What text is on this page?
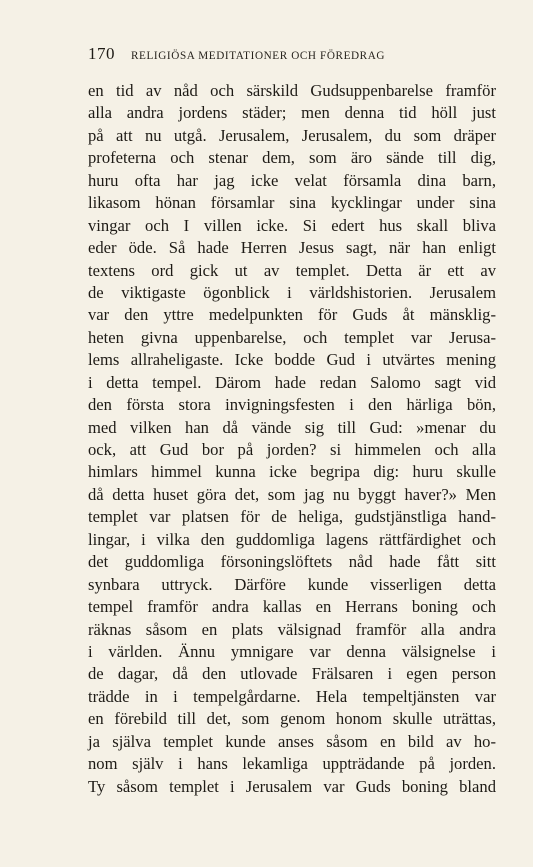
170 RELIGIÖSA MEDITATIONER OCH FÖREDRAG
en tid av nåd och särskild Gudsuppenbarelse framför
alla andra jordens städer; men denna tid höll just
på att nu utgå. Jerusalem, Jerusalem, du som dräper
profeterna och stenar dem, som äro sände till dig,
huru ofta har jag icke velat församla dina barn,
likasom hönan församlar sina kycklingar under sina
vingar och I villen icke. Si edert hus skall bliva
eder öde. Så hade Herren Jesus sagt, när han enligt
textens ord gick ut av templet. Detta är ett av
de viktigaste ögonblick i världshistorien. Jerusalem
var den yttre medelpunkten för Guds åt mänsklig-
heten givna uppenbarelse, och templet var Jerusa-
lems allraheligaste. Icke bodde Gud i utvärtes mening
i detta tempel. Därom hade redan Salomo sagt vid
den första stora invigningsfesten i den härliga bön,
med vilken han då vände sig till Gud: »menar du
ock, att Gud bor på jorden? si himmelen och alla
himlars himmel kunna icke begripa dig: huru skulle
då detta huset göra det, som jag nu byggt haver?» Men
templet var platsen för de heliga, gudstjänstliga hand-
lingar, i vilka den guddomliga lagens rättfärdighet och
det guddomliga försoningslöftets nåd hade fått sitt
synbara uttryck. Därföre kunde visserligen detta
tempel framför andra kallas en Herrans boning och
räknas såsom en plats välsignad framför alla andra
i världen. Ännu ymnigare var denna välsignelse i
de dagar, då den utlovade Frälsaren i egen person
trädde in i tempelgårdarne. Hela tempeltjänsten var
en förebild till det, som genom honom skulle uträttas,
ja själva templet kunde anses såsom en bild av ho-
nom själv i hans lekamliga uppträdande på jorden.
Ty såsom templet i Jerusalem var Guds boning bland
